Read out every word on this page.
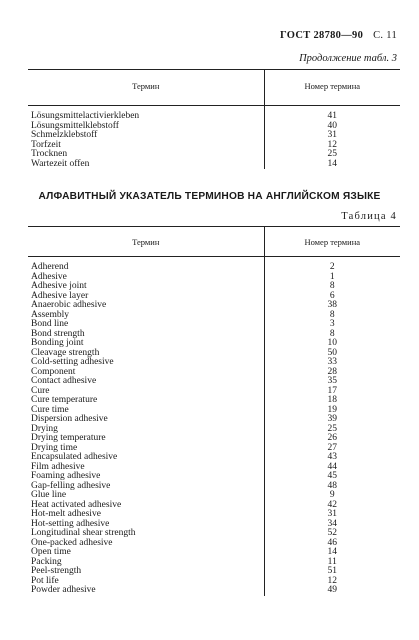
ГОСТ 28780—90 С. 11
Продолжение табл. 3
Термин	Номер термина

Lösungsmittelactivierkleben	41
Lösungsmittelklebstoff	40
Schmelzklebstoff	31
Torfzeit	12
Trocknen	25
Wartezeit offen	14
АЛФАВИТНЫЙ УКАЗАТЕЛЬ ТЕРМИНОВ НА АНГЛИЙСКОМ ЯЗЫКЕ
Таблица 4
Термин	Номер термина

Adherend	2
Adhesive	1
Adhesive joint	8
Adhesive layer	6
Anaerobic adhesive	38
Assembly	8
Bond line	3
Bond strength	8
Bonding joint	10
Cleavage strength	50
Cold-setting adhesive	33
Component	28
Contact adhesive	35
Cure	17
Cure temperature	18
Cure time	19
Dispersion adhesive	39
Drying	25
Drying temperature	26
Drying time	27
Encapsulated adhesive	43
Film adhesive	44
Foaming adhesive	45
Gap-felling adhesive	48
Glue line	9
Heat activated adhesive	42
Hot-melt adhesive	31
Hot-setting adhesive	34
Longitudinal shear strength	52
One-packed adhesive	46
Open time	14
Packing	11
Peel-strength	51
Pot life	12
Powder adhesive	49
